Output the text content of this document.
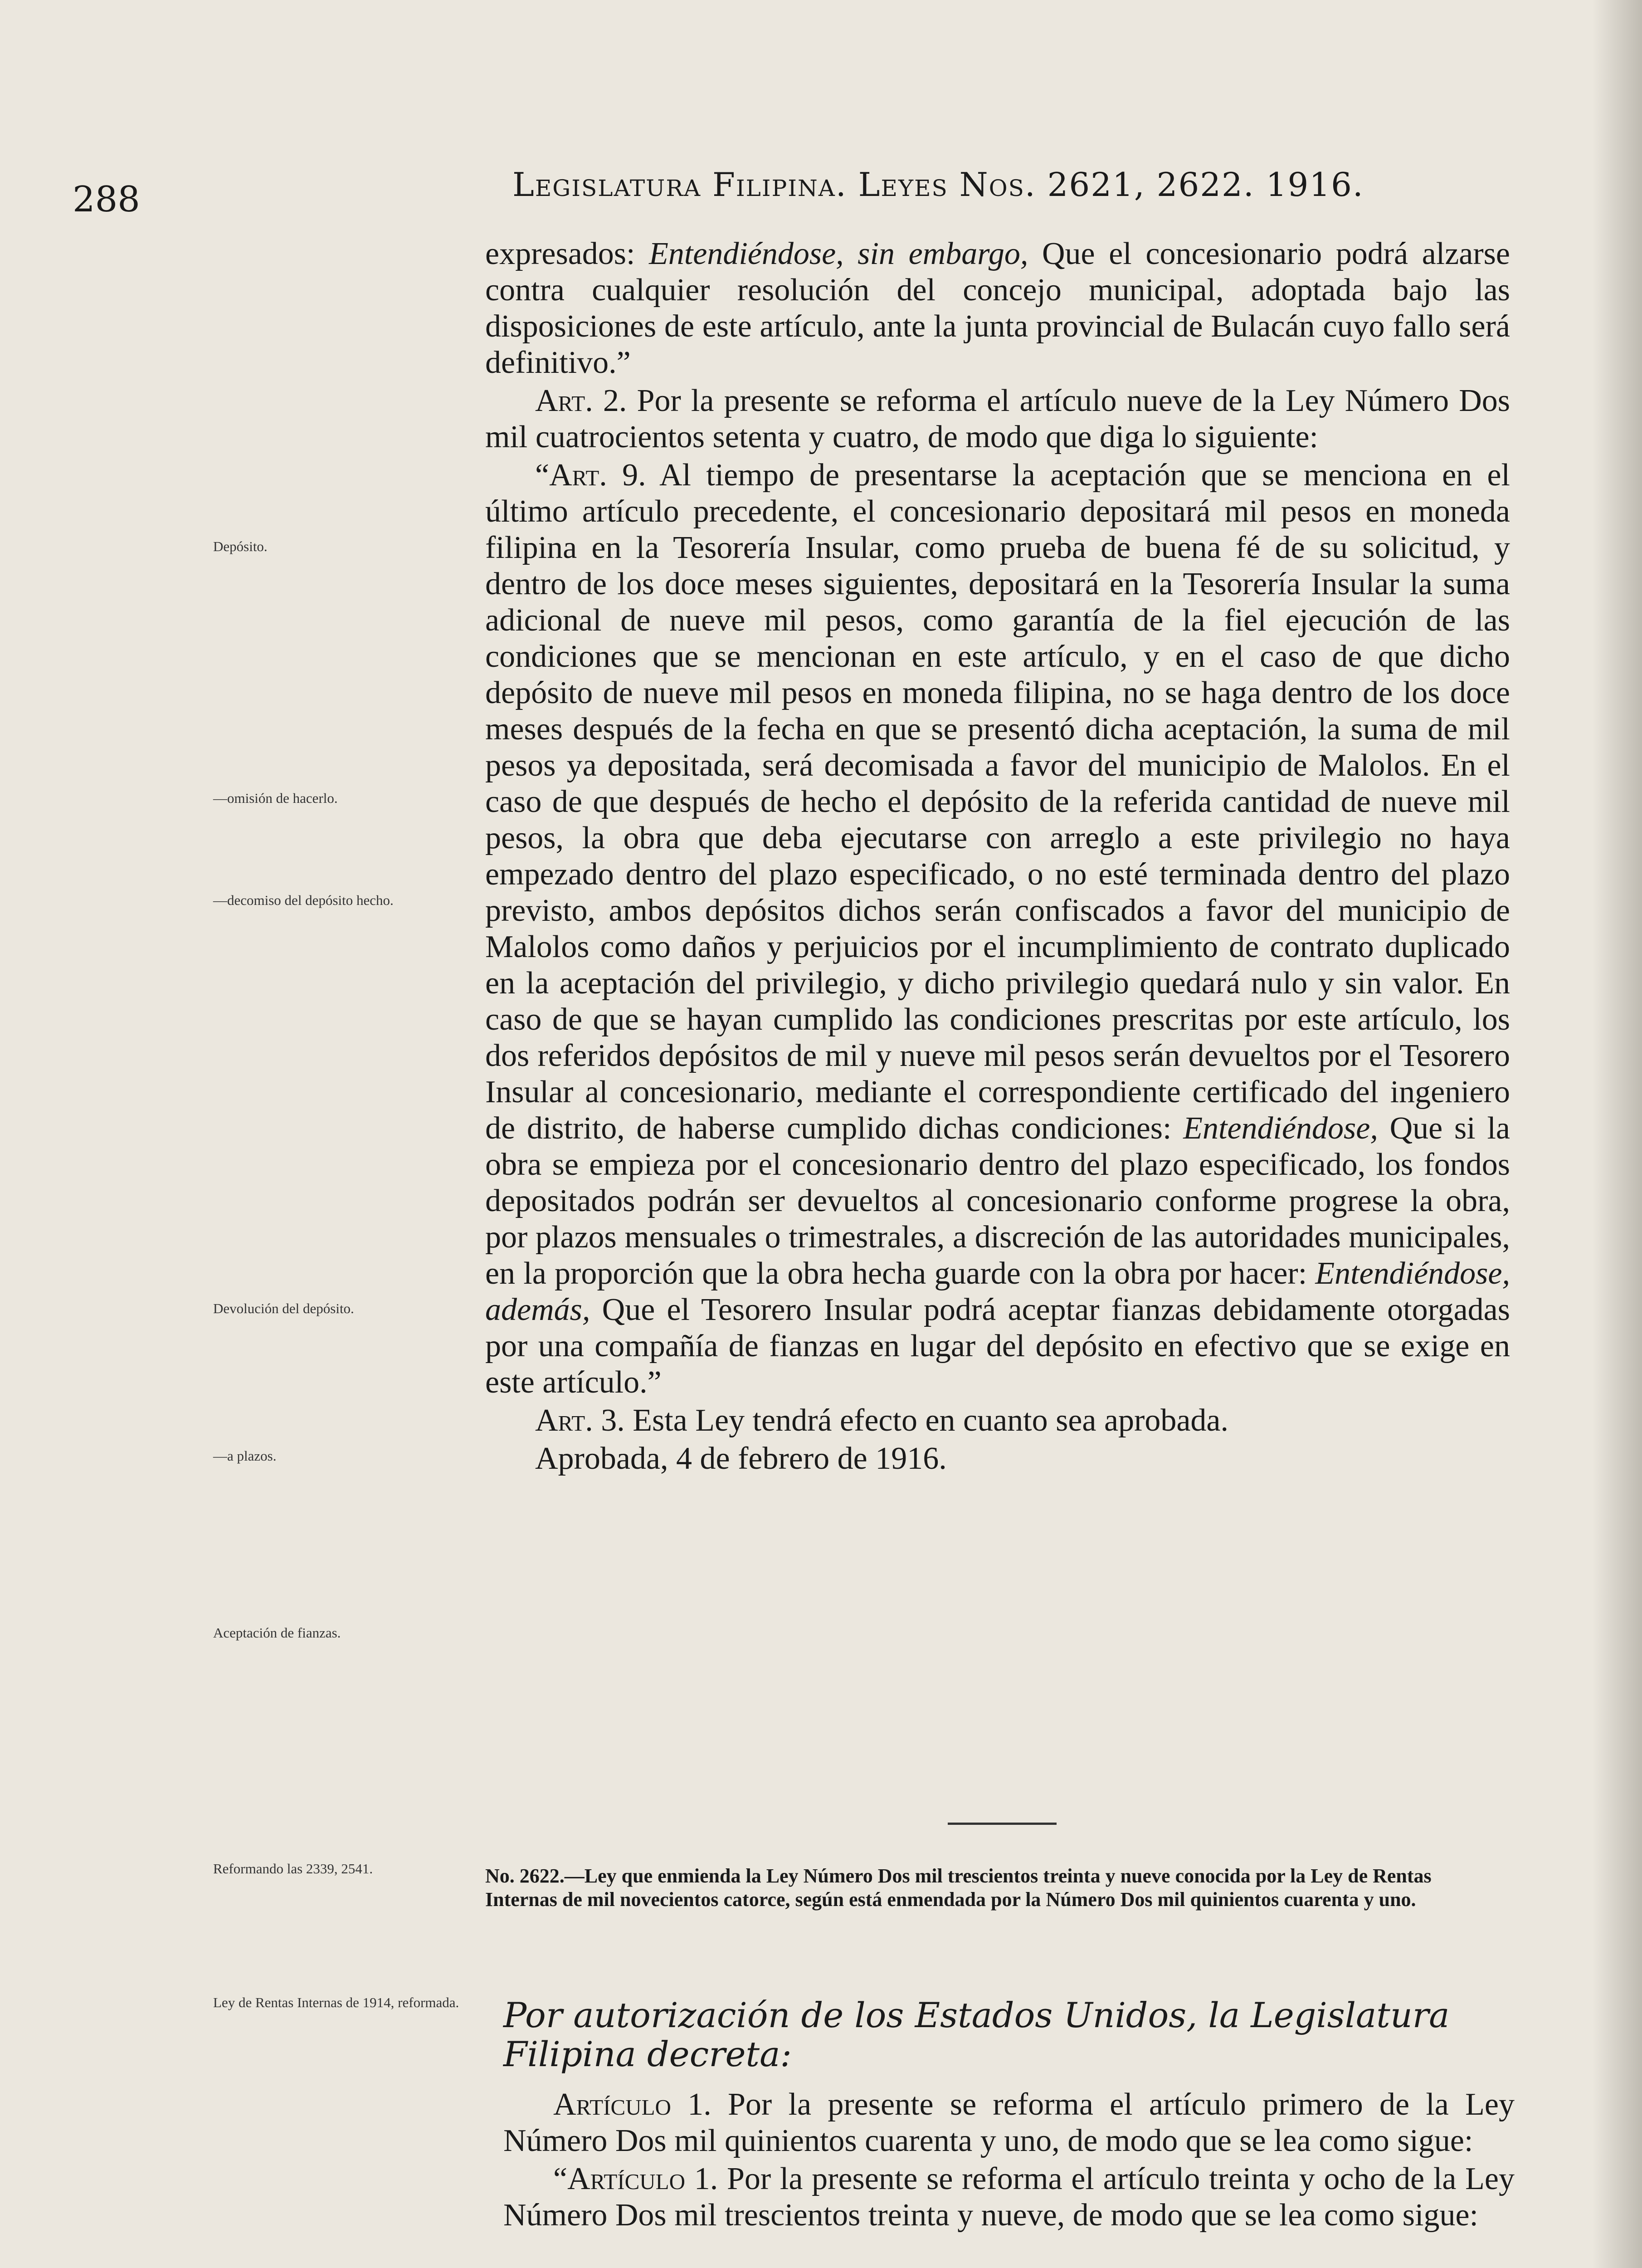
288	Legislatura Filipina. Leyes Nos. 2621, 2622. 1916.
Depósito.
—omisión de hacerlo.
—decomiso del depósito hecho.
Devolución del depósito.
—a plazos.
Aceptación de fianzas.
Reformando las 2339, 2541.
Ley de Rentas Internas de 1914, reformada.

expresados: Entendiéndose, sin embargo, Que el concesionario podrá alzarse contra cualquier resolución del concejo municipal, adoptada bajo las disposiciones de este artículo, ante la junta provincial de Bulacán cuyo fallo será definitivo.”

Art. 2. Por la presente se reforma el artículo nueve de la Ley Número Dos mil cuatrocientos setenta y cuatro, de modo que diga lo siguiente:

“Art. 9. Al tiempo de presentarse la aceptación que se menciona en el último artículo precedente, el concesionario depositará mil pesos en moneda filipina en la Tesorería Insular, como prueba de buena fé de su solicitud, y dentro de los doce meses siguientes, depositará en la Tesorería Insular la suma adicional de nueve mil pesos, como garantía de la fiel ejecución de las condiciones que se mencionan en este artículo, y en el caso de que dicho depósito de nueve mil pesos en moneda filipina, no se haga dentro de los doce meses después de la fecha en que se presentó dicha aceptación, la suma de mil pesos ya depositada, será decomisada a favor del municipio de Malolos. En el caso de que después de hecho el depósito de la referida cantidad de nueve mil pesos, la obra que deba ejecutarse con arreglo a este privilegio no haya empezado dentro del plazo especificado, o no esté terminada dentro del plazo previsto, ambos depósitos dichos serán confiscados a favor del municipio de Malolos como daños y perjuicios por el incumplimiento de contrato duplicado en la aceptación del privilegio, y dicho privilegio quedará nulo y sin valor. En caso de que se hayan cumplido las condiciones prescritas por este artículo, los dos referidos depósitos de mil y nueve mil pesos serán devueltos por el Tesorero Insular al concesionario, mediante el correspondiente certificado del ingeniero de distrito, de haberse cumplido dichas condiciones: Entendiéndose, Que si la obra se empieza por el concesionario dentro del plazo especificado, los fondos depositados podrán ser devueltos al concesionario conforme progrese la obra, por plazos mensuales o trimestrales, a discreción de las autoridades municipales, en la proporción que la obra hecha guarde con la obra por hacer: Entendiéndose, además, Que el Tesorero Insular podrá aceptar fianzas debidamente otorgadas por una compañía de fianzas en lugar del depósito en efectivo que se exige en este artículo.”

Art. 3. Esta Ley tendrá efecto en cuanto sea aprobada.

Aprobada, 4 de febrero de 1916.

No. 2622.—Ley que enmienda la Ley Número Dos mil trescientos treinta y nueve conocida por la Ley de Rentas Internas de mil novecientos catorce, según está enmendada por la Número Dos mil quinientos cuarenta y uno.
Por autorización de los Estados Unidos, la Legislatura Filipina decreta:

Artículo 1. Por la presente se reforma el artículo primero de la Ley Número Dos mil quinientos cuarenta y uno, de modo que se lea como sigue:

“Artículo 1. Por la presente se reforma el artículo treinta y ocho de la Ley Número Dos mil trescientos treinta y nueve, de modo que se lea como sigue:
